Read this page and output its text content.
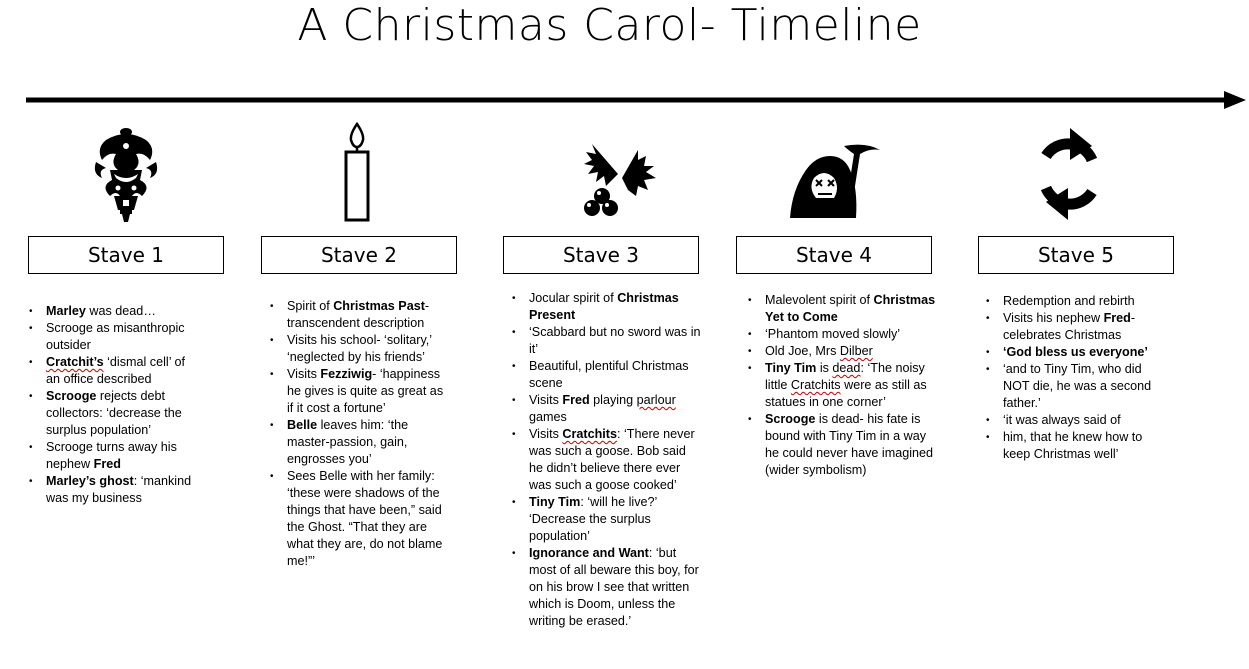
A Christmas Carol- Timeline
Stave 1	Stave 2	Stave 3	Stave 4	Stave 5
• Marley was dead…
• Scrooge as misanthropic outsider
• Cratchit’s ‘dismal cell’ of an office described
• Scrooge rejects debt collectors: ‘decrease the surplus population’
• Scrooge turns away his nephew Fred
• Marley’s ghost: ‘mankind was my business
• Spirit of Christmas Past- transcendent description
• Visits his school- ‘solitary,’ ‘neglected by his friends’
• Visits Fezziwig- ‘happiness he gives is quite as great as if it cost a fortune’
• Belle leaves him: ‘the master-passion, gain, engrosses you’
• Sees Belle with her family: ‘these were shadows of the things that have been,” said the Ghost. “That they are what they are, do not blame me!”’
• Jocular spirit of Christmas Present
• ‘Scabbard but no sword was in it’
• Beautiful, plentiful Christmas scene
• Visits Fred playing parlour games
• Visits Cratchits: ‘There never was such a goose. Bob said he didn’t believe there ever was such a goose cooked’
• Tiny Tim: ‘will he live?’ ‘Decrease the surplus population’
• Ignorance and Want: ‘but most of all beware this boy, for on his brow I see that written which is Doom, unless the writing be erased.’
• Malevolent spirit of Christmas Yet to Come
• ‘Phantom moved slowly’
• Old Joe, Mrs Dilber
• Tiny Tim is dead: ‘The noisy little Cratchits were as still as statues in one corner’
• Scrooge is dead- his fate is bound with Tiny Tim in a way he could never have imagined (wider symbolism)
• Redemption and rebirth
• Visits his nephew Fred- celebrates Christmas
• ‘God bless us everyone’
• ‘and to Tiny Tim, who did NOT die, he was a second father.’
• ‘it was always said of
• him, that he knew how to keep Christmas well’
